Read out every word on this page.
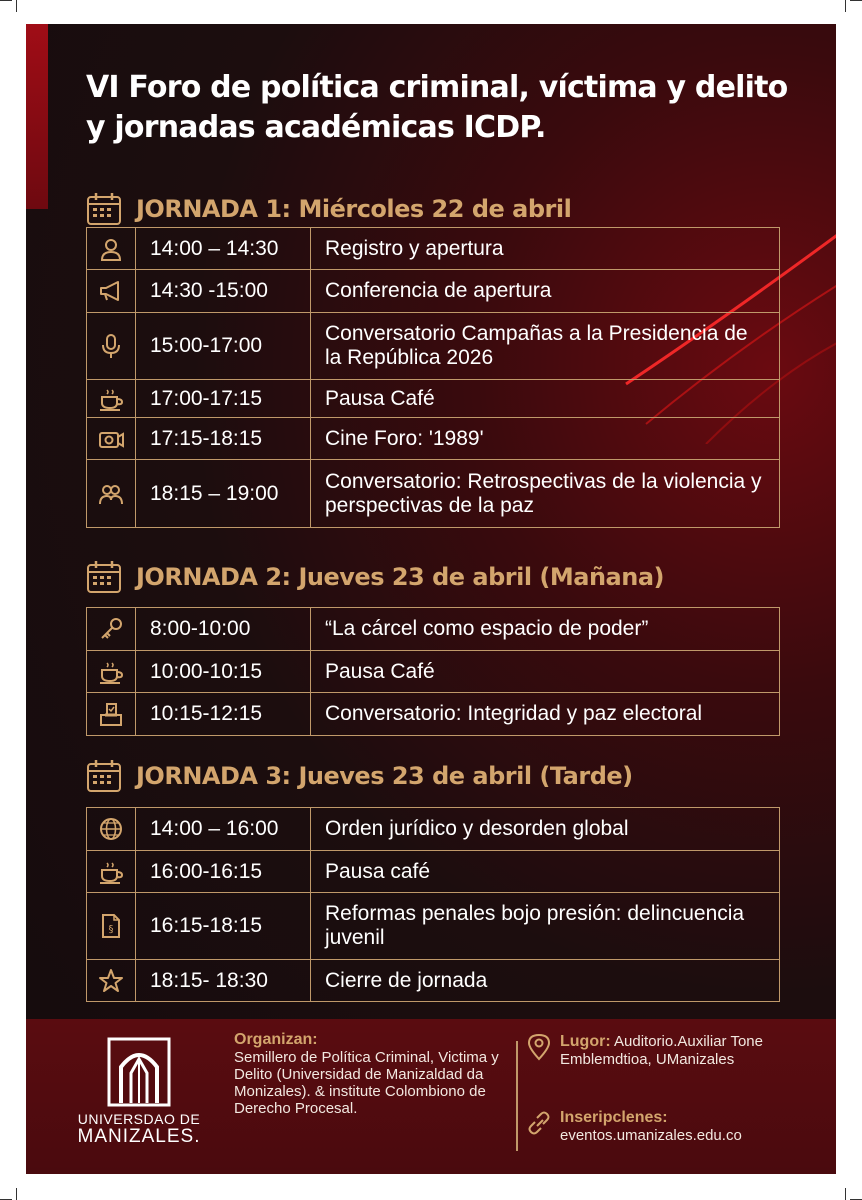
VI Foro de política criminal, víctima y delito y jornadas académicas ICDP.
JORNADA 1: Miércoles 22 de abril
	14:00 – 14:30	Registro y apertura

	14:30 -15:00	Conferencia de apertura

	15:00-17:00	Conversatorio Campañas a la Presidencia de la República 2026

	17:00-17:15	Pausa Café

	17:15-18:15	Cine Foro: '1989'

	18:15 – 19:00	Conversatorio: Retrospectivas de la violencia y perspectivas de la paz
JORNADA 2: Jueves 23 de abril (Mañana)
	8:00-10:00	“La cárcel como espacio de poder”

	10:00-10:15	Pausa Café

	10:15-12:15	Conversatorio: Integridad y paz electoral
JORNADA 3: Jueves 23 de abril (Tarde)
	14:00 – 16:00	Orden jurídico y desorden global

	16:00-16:15	Pausa café

§	16:15-18:15	Reformas penales bojo presión: delincuencia juvenil

	18:15- 18:30	Cierre de jornada
UNIVERSDAO DE
MANIZALES.
Organizan:
Semillero de Política Criminal, Victima y Delito (Universidad de Manizaldad da Monizales). & institute Colombiono de Derecho Procesal.
Lugor: Auditorio.Auxiliar Tone Emblemdtioa, UManizales
Inseripclenes:
eventos.umanizales.edu.co
